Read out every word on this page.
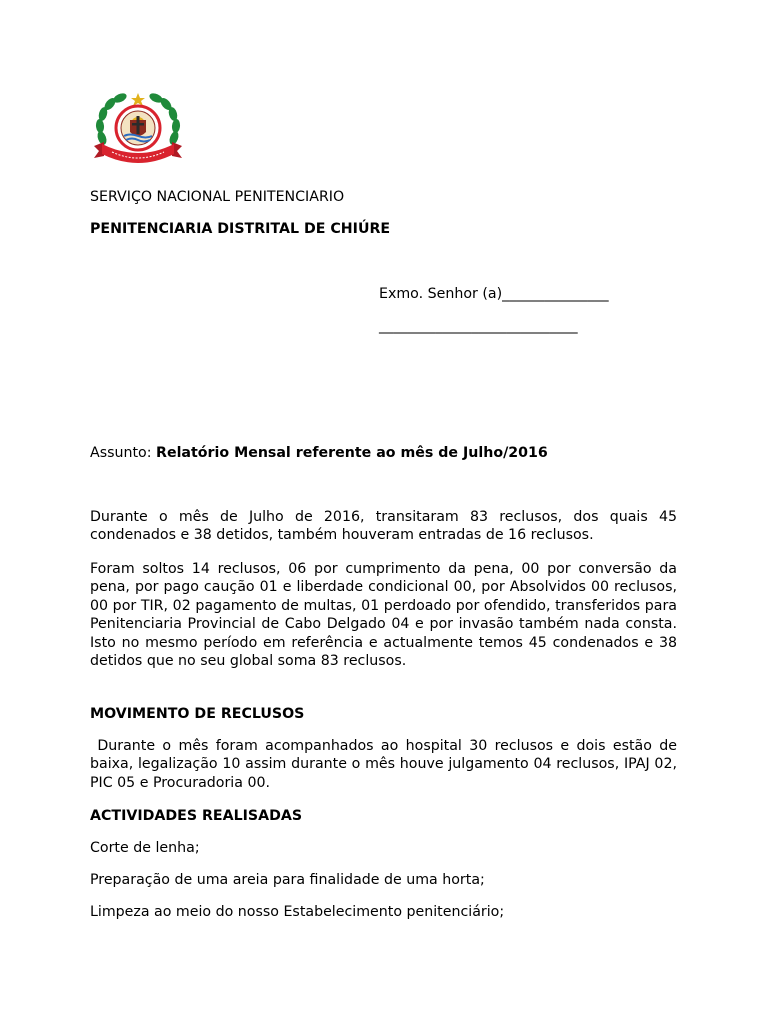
SERVIÇO NACIONAL PENITENCIARIO
PENITENCIARIA DISTRITAL DE CHIÚRE
Exmo. Senhor (a)_______________
____________________________
Assunto: Relatório Mensal referente ao mês de Julho/2016
Durante o mês de Julho de 2016, transitaram 83 reclusos, dos quais 45 condenados e 38 detidos, também houveram entradas de 16 reclusos.
Foram soltos 14 reclusos, 06 por cumprimento da pena, 00 por conversão da pena, por pago caução 01 e liberdade condicional 00, por Absolvidos 00 reclusos, 00 por TIR, 02 pagamento de multas, 01 perdoado por ofendido, transferidos para Penitenciaria Provincial de Cabo Delgado 04 e por invasão também nada consta. Isto no mesmo período em referência e actualmente temos 45 condenados e 38 detidos que no seu global soma 83 reclusos.
MOVIMENTO DE RECLUSOS
Durante o mês foram acompanhados ao hospital 30 reclusos e dois estão de baixa, legalização 10 assim durante o mês houve julgamento 04 reclusos, IPAJ 02, PIC 05 e Procuradoria 00.
ACTIVIDADES REALISADAS
Corte de lenha;
Preparação de uma areia para finalidade de uma horta;
Limpeza ao meio do nosso Estabelecimento penitenciário;
